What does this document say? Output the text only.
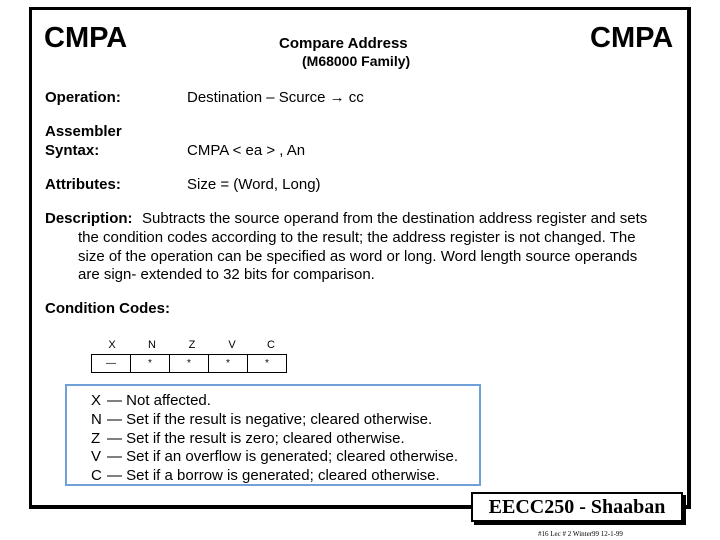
CMPA	Compare Address
(M68000 Family)
CMPA
Operation:	Destination – Scurce → cc
Assembler
Syntax:	CMPA < ea > , An
Attributes:	Size = (Word, Long)
Description: Subtracts the source operand from the destination address register and sets
the condition codes according to the result; the address register is not changed. The
size of the operation can be specified as word or long. Word length source operands
are sign- extended to 32 bits for comparison.
Condition Codes:
X	N	Z	V	C
—	*	*	*	*
X — Not affected.
N — Set if the result is negative; cleared otherwise.
Z — Set if the result is zero; cleared otherwise.
V — Set if an overflow is generated; cleared otherwise.
C — Set if a borrow is generated; cleared otherwise.
EECC250 - Shaaban
#16 Lec # 2 Winter99 12-1-99
